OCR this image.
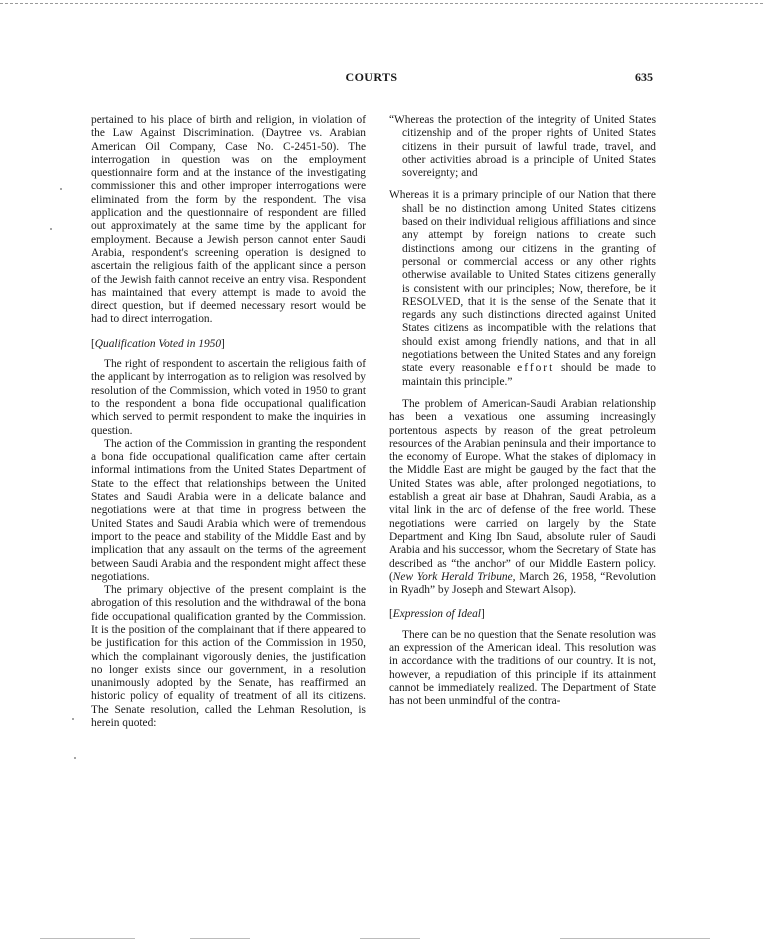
COURTS	635

pertained to his place of birth and religion, in violation of the Law Against Discrimination. (Daytree vs. Arabian American Oil Company, Case No. C-2451-50). The interrogation in question was on the employment questionnaire form and at the instance of the investigating commissioner this and other improper interrogations were eliminated from the form by the respondent. The visa application and the questionnaire of respondent are filled out approximately at the same time by the applicant for employment. Because a Jewish person cannot enter Saudi Arabia, respondent's screening operation is designed to ascertain the religious faith of the applicant since a person of the Jewish faith cannot receive an entry visa. Respondent has maintained that every attempt is made to avoid the direct question, but if deemed necessary resort would be had to direct interrogation.

[Qualification Voted in 1950]

The right of respondent to ascertain the religious faith of the applicant by interrogation as to religion was resolved by resolution of the Commission, which voted in 1950 to grant to the respondent a bona fide occupational qualification which served to permit respondent to make the inquiries in question.

The action of the Commission in granting the respondent a bona fide occupational qualification came after certain informal intimations from the United States Department of State to the effect that relationships between the United States and Saudi Arabia were in a delicate balance and negotiations were at that time in progress between the United States and Saudi Arabia which were of tremendous import to the peace and stability of the Middle East and by implication that any assault on the terms of the agreement between Saudi Arabia and the respondent might affect these negotiations.

The primary objective of the present complaint is the abrogation of this resolution and the withdrawal of the bona fide occupational qualification granted by the Commission. It is the position of the complainant that if there appeared to be justification for this action of the Commission in 1950, which the complainant vigorously denies, the justification no longer exists since our government, in a resolution unanimously adopted by the Senate, has reaffirmed an historic policy of equality of treatment of all its citizens. The Senate resolution, called the Lehman Resolution, is herein quoted:

“Whereas the protection of the integrity of United States citizenship and of the proper rights of United States citizens in their pursuit of lawful trade, travel, and other activities abroad is a principle of United States sovereignty; and

Whereas it is a primary principle of our Nation that there shall be no distinction among United States citizens based on their individual religious affiliations and since any attempt by foreign nations to create such distinctions among our citizens in the granting of personal or commercial access or any other rights otherwise available to United States citizens generally is consistent with our principles; Now, therefore, be it RESOLVED, that it is the sense of the Senate that it regards any such distinctions directed against United States citizens as incompatible with the relations that should exist among friendly nations, and that in all negotiations between the United States and any foreign state every reasonable effort should be made to maintain this principle.”

The problem of American-Saudi Arabian relationship has been a vexatious one assuming increasingly portentous aspects by reason of the great petroleum resources of the Arabian peninsula and their importance to the economy of Europe. What the stakes of diplomacy in the Middle East are might be gauged by the fact that the United States was able, after prolonged negotiations, to establish a great air base at Dhahran, Saudi Arabia, as a vital link in the arc of defense of the free world. These negotiations were carried on largely by the State Department and King Ibn Saud, absolute ruler of Saudi Arabia and his successor, whom the Secretary of State has described as “the anchor” of our Middle Eastern policy. (New York Herald Tribune, March 26, 1958, “Revolution in Ryadh” by Joseph and Stewart Alsop).

[Expression of Ideal]

There can be no question that the Senate resolution was an expression of the American ideal. This resolution was in accordance with the traditions of our country. It is not, however, a repudiation of this principle if its attainment cannot be immediately realized. The Department of State has not been unmindful of the contra-
